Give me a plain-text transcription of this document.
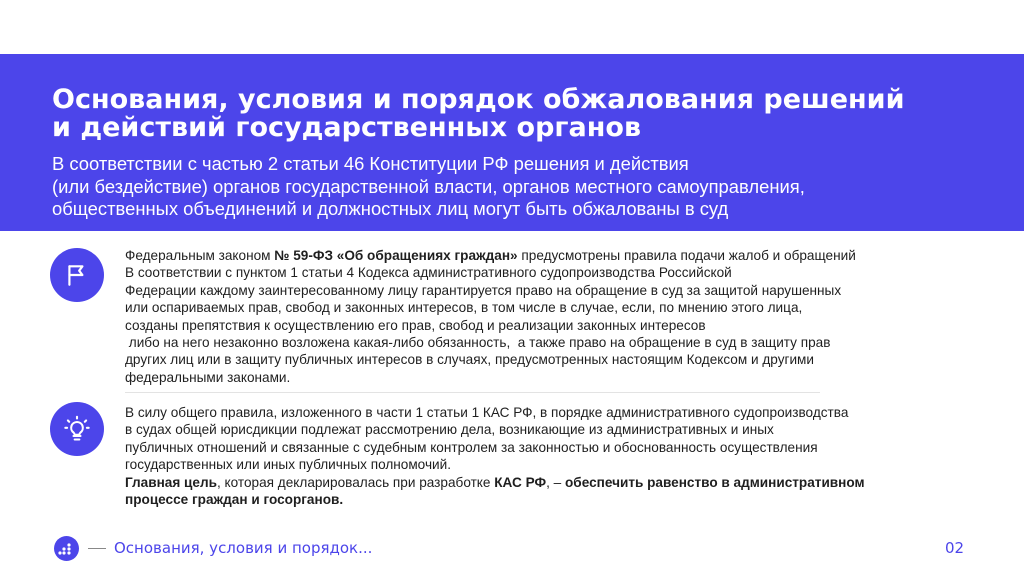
Основания, условия и порядок обжалования решений
и действий государственных органов

В соответствии с частью 2 статьи 46 Конституции РФ решения и действия
(или бездействие) органов государственной власти, органов местного самоуправления,
общественных объединений и должностных лиц могут быть обжалованы в суд

Федеральным законом № 59-ФЗ «Об обращениях граждан» предусмотрены правила подачи жалоб и обращений
В соответствии с пунктом 1 статьи 4 Кодекса административного судопроизводства Российской
Федерации каждому заинтересованному лицу гарантируется право на обращение в суд за защитой нарушенных
или оспариваемых прав, свобод и законных интересов, в том числе в случае, если, по мнению этого лица,
созданы препятствия к осуществлению его прав, свобод и реализации законных интересов
либо на него незаконно возложена какая-либо обязанность,  а также право на обращение в суд в защиту прав
других лиц или в защиту публичных интересов в случаях, предусмотренных настоящим Кодексом и другими
федеральными законами.
В силу общего правила, изложенного в части 1 статьи 1 КАС РФ, в порядке административного судопроизводства
в судах общей юрисдикции подлежат рассмотрению дела, возникающие из административных и иных
публичных отношений и связанные с судебным контролем за законностью и обоснованность осуществления
государственных или иных публичных полномочий.
Главная цель, которая декларировалась при разработке КАС РФ, – обеспечить равенство в административном
процессе граждан и госорганов.
Основания, условия и порядок...	02
